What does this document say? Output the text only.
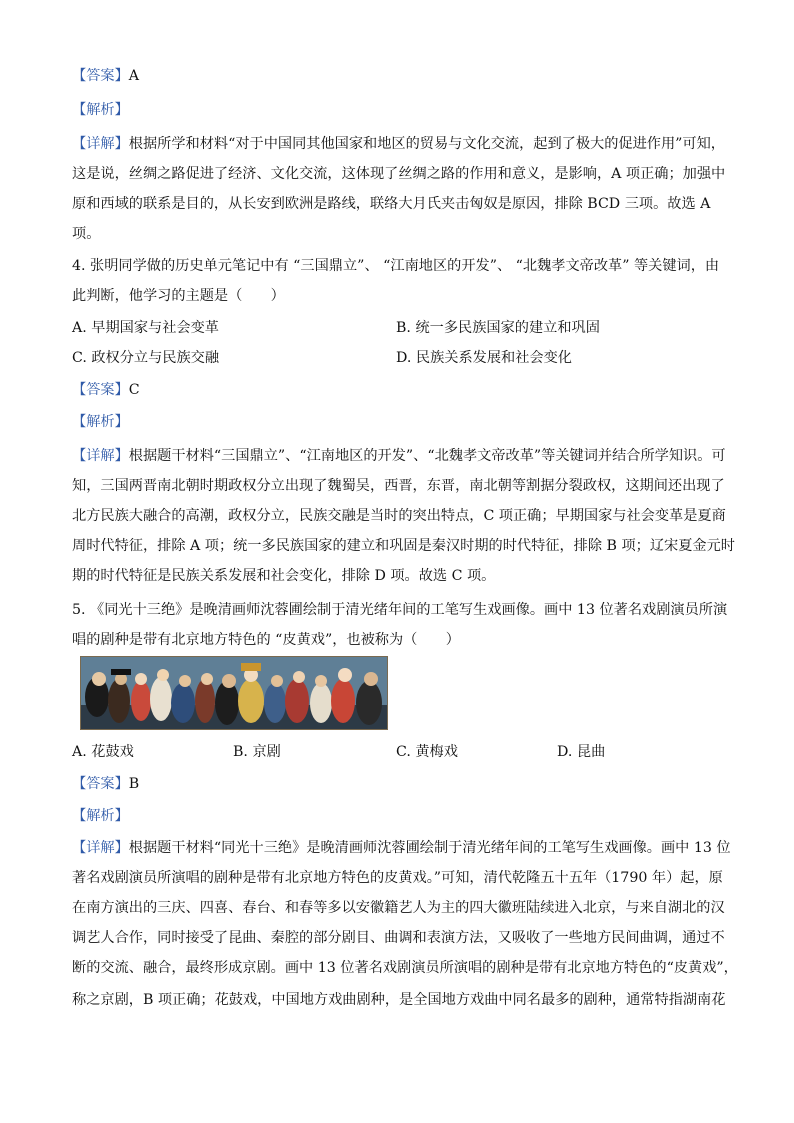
【答案】A
【解析】
【详解】根据所学和材料“对于中国同其他国家和地区的贸易与文化交流，起到了极大的促进作用”可知，
这是说，丝绸之路促进了经济、文化交流，这体现了丝绸之路的作用和意义，是影响，A 项正确；加强中
原和西域的联系是目的，从长安到欧洲是路线，联络大月氏夹击匈奴是原因，排除 BCD 三项。故选 A
项。
4. 张明同学做的历史单元笔记中有 “三国鼎立”、 “江南地区的开发”、 “北魏孝文帝改革” 等关键词，由
此判断，他学习的主题是（　　）
A. 早期国家与社会变革	B. 统一多民族国家的建立和巩固
C. 政权分立与民族交融	D. 民族关系发展和社会变化
【答案】C
【解析】
【详解】根据题干材料“三国鼎立”、“江南地区的开发”、“北魏孝文帝改革”等关键词并结合所学知识。可
知，三国两晋南北朝时期政权分立出现了魏蜀吴，西晋，东晋，南北朝等割据分裂政权，这期间还出现了
北方民族大融合的高潮，政权分立，民族交融是当时的突出特点，C 项正确；早期国家与社会变革是夏商
周时代特征，排除 A 项；统一多民族国家的建立和巩固是秦汉时期的时代特征，排除 B 项；辽宋夏金元时
期的时代特征是民族关系发展和社会变化，排除 D 项。故选 C 项。
5. 《同光十三绝》是晚清画师沈蓉圃绘制于清光绪年间的工笔写生戏画像。画中 13 位著名戏剧演员所演
唱的剧种是带有北京地方特色的 “皮黄戏”，也被称为（　　）
A. 花鼓戏	B. 京剧	C. 黄梅戏	D. 昆曲
【答案】B
【解析】
【详解】根据题干材料“同光十三绝》是晚清画师沈蓉圃绘制于清光绪年间的工笔写生戏画像。画中 13 位
著名戏剧演员所演唱的剧种是带有北京地方特色的皮黄戏。”可知，清代乾隆五十五年（1790 年）起，原
在南方演出的三庆、四喜、春台、和春等多以安徽籍艺人为主的四大徽班陆续进入北京，与来自湖北的汉
调艺人合作，同时接受了昆曲、秦腔的部分剧目、曲调和表演方法，又吸收了一些地方民间曲调，通过不
断的交流、融合，最终形成京剧。画中 13 位著名戏剧演员所演唱的剧种是带有北京地方特色的“皮黄戏”，
称之京剧，B 项正确；花鼓戏，中国地方戏曲剧种，是全国地方戏曲中同名最多的剧种，通常特指湖南花
